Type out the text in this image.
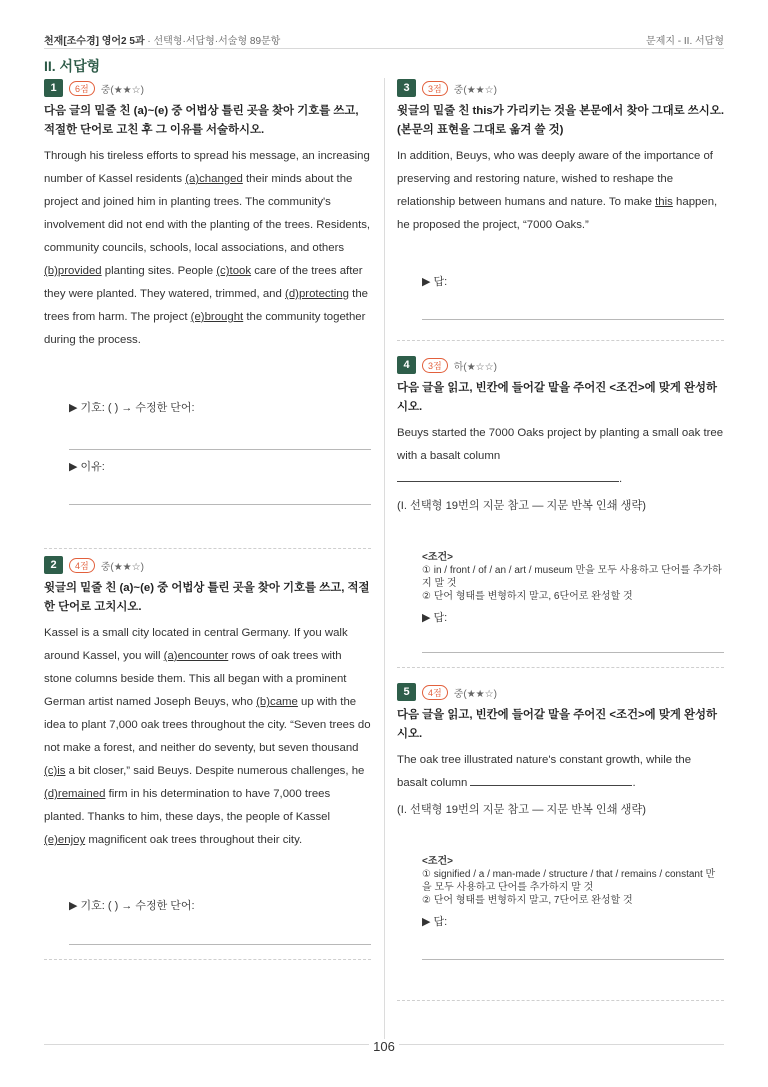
천재[조수경] 영어2 5과 · 선택형·서답형·서술형 89문항	문제지 - II. 서답형
II. 서답형
1	6점	중(★★☆)
다음 글의 밑줄 친 (a)~(e) 중 어법상 틀린 곳을 찾아 기호를 쓰고, 적절한 단어로 고친 후 그 이유를 서술하시오.
Through his tireless efforts to spread his message, an increasing number of Kassel residents (a)changed their minds about the project and joined him in planting trees. The community's involvement did not end with the planting of the trees. Residents, community councils, schools, local associations, and others (b)provided planting sites. People (c)took care of the trees after they were planted. They watered, trimmed, and (d)protecting the trees from harm. The project (e)brought the community together during the process.
▶ 기호: ( ) → 수정한 단어:
▶ 이유:
2	4점	중(★★☆)
윗글의 밑줄 친 (a)~(e) 중 어법상 틀린 곳을 찾아 기호를 쓰고, 적절한 단어로 고치시오.
Kassel is a small city located in central Germany. If you walk around Kassel, you will (a)encounter rows of oak trees with stone columns beside them. This all began with a prominent German artist named Joseph Beuys, who (b)came up with the idea to plant 7,000 oak trees throughout the city. “Seven trees do not make a forest, and neither do seventy, but seven thousand (c)is a bit closer,” said Beuys. Despite numerous challenges, he (d)remained firm in his determination to have 7,000 trees planted. Thanks to him, these days, the people of Kassel (e)enjoy magnificent oak trees throughout their city.
▶ 기호: ( ) → 수정한 단어:
3	3점	중(★★☆)
윗글의 밑줄 친 this가 가리키는 것을 본문에서 찾아 그대로 쓰시오. (본문의 표현을 그대로 옮겨 쓸 것)
In addition, Beuys, who was deeply aware of the importance of preserving and restoring nature, wished to reshape the relationship between humans and nature. To make this happen, he proposed the project, “7000 Oaks.”
▶ 답:
4	3점	하(★☆☆)
다음 글을 읽고, 빈칸에 들어갈 말을 주어진 <조건>에 맞게 완성하시오.
Beuys started the 7000 Oaks project by planting a small oak tree with a basalt column .
(I. 선택형 19번의 지문 참고 — 지문 반복 인쇄 생략)
<조건>
① in / front / of / an / art / museum 만을 모두 사용하고 단어를 추가하지 말 것
② 단어 형태를 변형하지 말고, 6단어로 완성할 것
▶ 답:
5	4점	중(★★☆)
다음 글을 읽고, 빈칸에 들어갈 말을 주어진 <조건>에 맞게 완성하시오.
The oak tree illustrated nature's constant growth, while the basalt column	.
(I. 선택형 19번의 지문 참고 — 지문 반복 인쇄 생략)
<조건>
① signified / a / man-made / structure / that / remains / constant 만을 모두 사용하고 단어를 추가하지 말 것
② 단어 형태를 변형하지 말고, 7단어로 완성할 것
▶ 답:
106
